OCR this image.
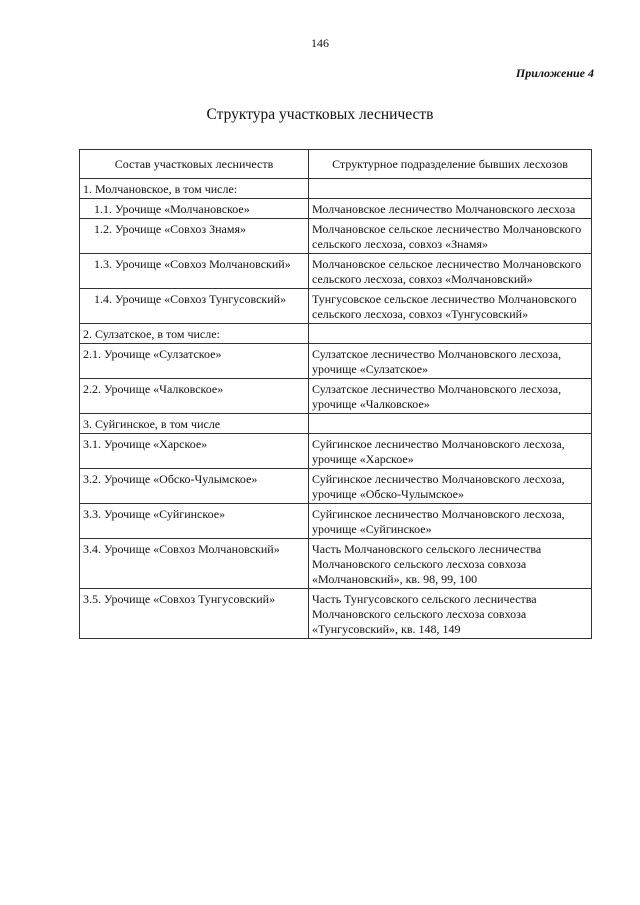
146
Приложение 4
Структура участковых лесничеств
Состав участковых лесничеств	Структурное подразделение бывших лесхозов
1. Молчановское, в том числе:	
1.1. Урочище «Молчановское»	Молчановское лесничество Молчановского лесхоза
1.2. Урочище «Совхоз Знамя»	Молчановское сельское лесничество Молчановского сельского лесхоза, совхоз «Знамя»
1.3. Урочище «Совхоз Молчановский»	Молчановское сельское лесничество Молчановского сельского лесхоза, совхоз «Молчановский»
1.4. Урочище «Совхоз Тунгусовский»	Тунгусовское сельское лесничество Молчановского сельского лесхоза, совхоз «Тунгусовский»
2. Сулзатское, в том числе:	
2.1. Урочище «Сулзатское»	Сулзатское лесничество Молчановского лесхоза, урочище «Сулзатское»
2.2. Урочище «Чалковское»	Сулзатское лесничество Молчановского лесхоза, урочище «Чалковское»
3. Суйгинское, в том числе	
3.1. Урочище «Харское»	Суйгинское лесничество Молчановского лесхоза, урочище «Харское»
3.2. Урочище «Обско-Чулымское»	Суйгинское лесничество Молчановского лесхоза, урочище «Обско-Чулымское»
3.3. Урочище «Суйгинское»	Суйгинское лесничество Молчановского лесхоза, урочище «Суйгинское»
3.4. Урочище «Совхоз Молчановский»	Часть Молчановского сельского лесничества Молчановского сельского лесхоза совхоза «Молчановский», кв. 98, 99, 100
3.5. Урочище «Совхоз Тунгусовский»	Часть Тунгусовского сельского лесничества Молчановского сельского лесхоза совхоза «Тунгусовский», кв. 148, 149
